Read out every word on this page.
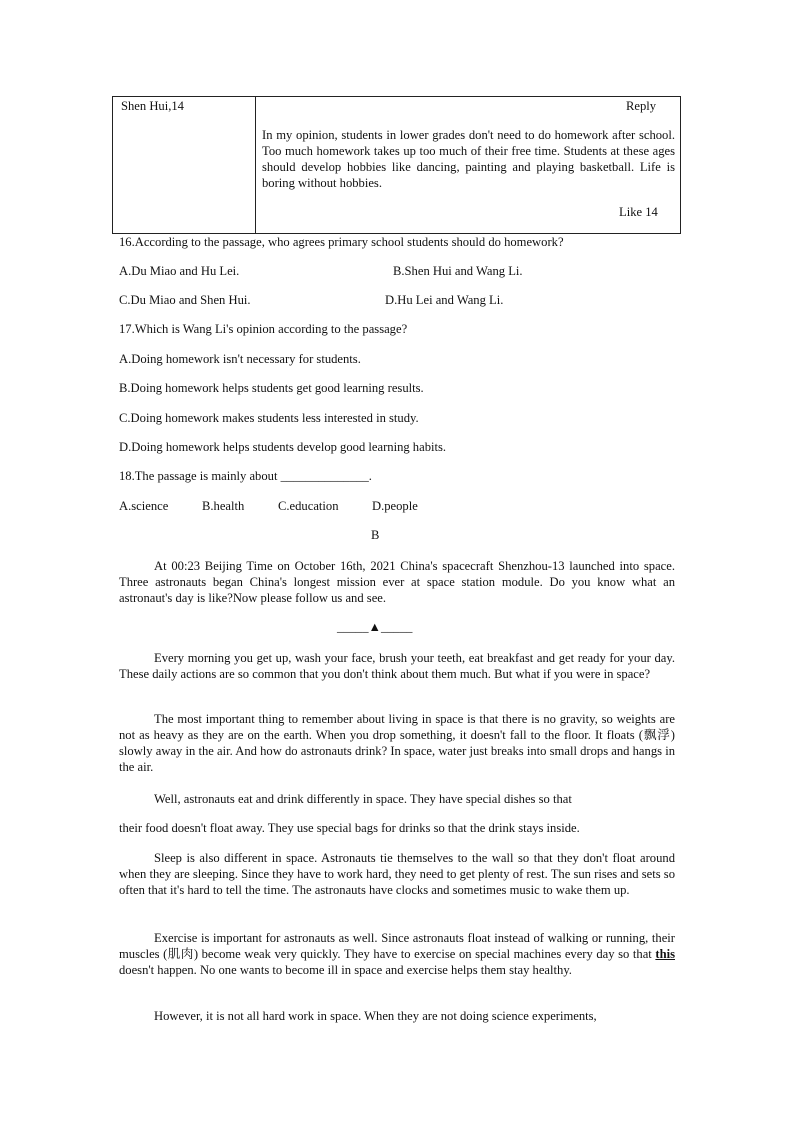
Shen Hui,14	Reply
In my opinion, students in lower grades don't need to do homework after school. Too much homework takes up too much of their free time. Students at these ages should develop hobbies like dancing, painting and playing basketball. Life is boring without hobbies.
Like 14
16.According to the passage, who agrees primary school students should do homework?
A.Du Miao and Hu Lei.	B.Shen Hui and Wang Li.
C.Du Miao and Shen Hui.	D.Hu Lei and Wang Li.
17.Which is Wang Li's opinion according to the passage?
A.Doing homework isn't necessary for students.
B.Doing homework helps students get good learning results.
C.Doing homework makes students less interested in study.
D.Doing homework helps students develop good learning habits.
18.The passage is mainly about ______________.
A.science	B.health	C.education	D.people
B
At 00:23 Beijing Time on October 16th, 2021 China's spacecraft Shenzhou-13 launched into space. Three astronauts began China's longest mission ever at space station module. Do you know what an astronaut's day is like?Now please follow us and see.
_____▲_____
Every morning you get up, wash your face, brush your teeth, eat breakfast and get ready for your day. These daily actions are so common that you don't think about them much. But what if you were in space?
The most important thing to remember about living in space is that there is no gravity, so weights are not as heavy as they are on the earth. When you drop something, it doesn't fall to the floor. It floats (飘浮) slowly away in the air. And how do astronauts drink? In space, water just breaks into small drops and hangs in the air.
Well, astronauts eat and drink differently in space. They have special dishes so that
their food doesn't float away. They use special bags for drinks so that the drink stays inside.
Sleep is also different in space. Astronauts tie themselves to the wall so that they don't float around when they are sleeping. Since they have to work hard, they need to get plenty of rest. The sun rises and sets so often that it's hard to tell the time. The astronauts have clocks and sometimes music to wake them up.
Exercise is important for astronauts as well. Since astronauts float instead of walking or running, their muscles (肌肉) become weak very quickly. They have to exercise on special machines every day so that this doesn't happen. No one wants to become ill in space and exercise helps them stay healthy.
However, it is not all hard work in space. When they are not doing science experiments,
